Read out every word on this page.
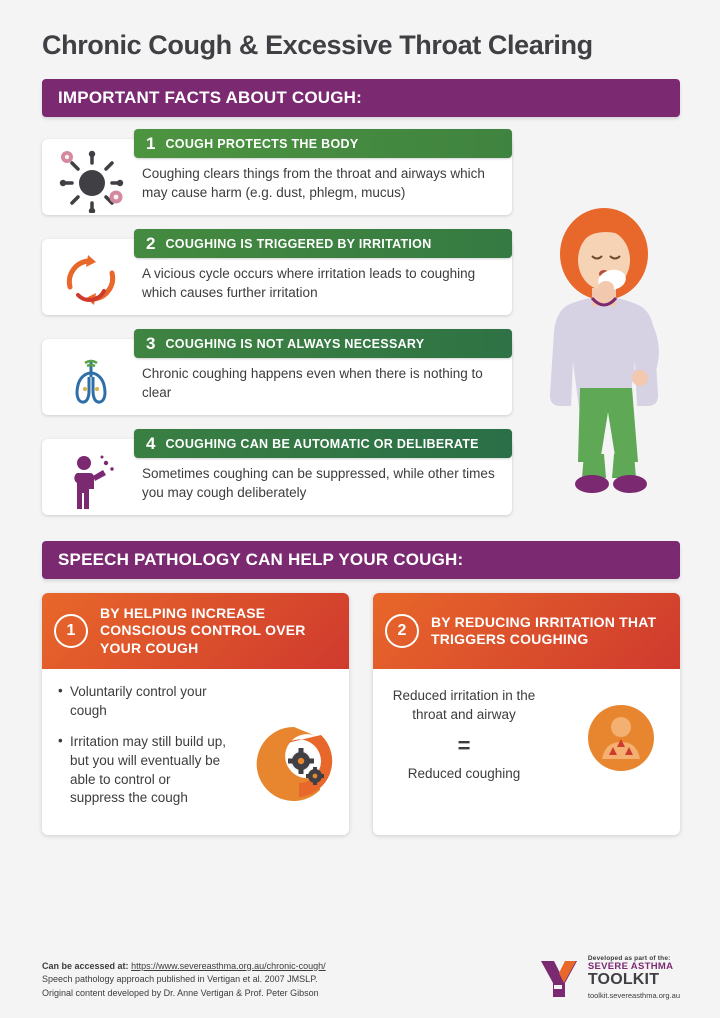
Chronic Cough & Excessive Throat Clearing
IMPORTANT FACTS ABOUT COUGH:
1 COUGH PROTECTS THE BODY
Coughing clears things from the throat and airways which may cause harm (e.g. dust, phlegm, mucus)
2 COUGHING IS TRIGGERED BY IRRITATION
A vicious cycle occurs where irritation leads to coughing which causes further irritation
3 COUGHING IS NOT ALWAYS NECESSARY
Chronic coughing happens even when there is nothing to clear
4 COUGHING CAN BE AUTOMATIC OR DELIBERATE
Sometimes coughing can be suppressed, while other times you may cough deliberately
SPEECH PATHOLOGY CAN HELP YOUR COUGH:
1
BY HELPING INCREASE CONSCIOUS CONTROL OVER YOUR COUGH
• Voluntarily control your cough
• Irritation may still build up, but you will eventually be able to control or suppress the cough
2
BY REDUCING IRRITATION THAT TRIGGERS COUGHING
Reduced irritation in the throat and airway
=
Reduced coughing
Can be accessed at: https://www.severeasthma.org.au/chronic-cough/
Speech pathology approach published in Vertigan et al. 2007 JMSLP.
Original content developed by Dr. Anne Vertigan & Prof. Peter Gibson
Developed as part of the:
SEVERE ASTHMA
TOOLKIT
toolkit.severeasthma.org.au
